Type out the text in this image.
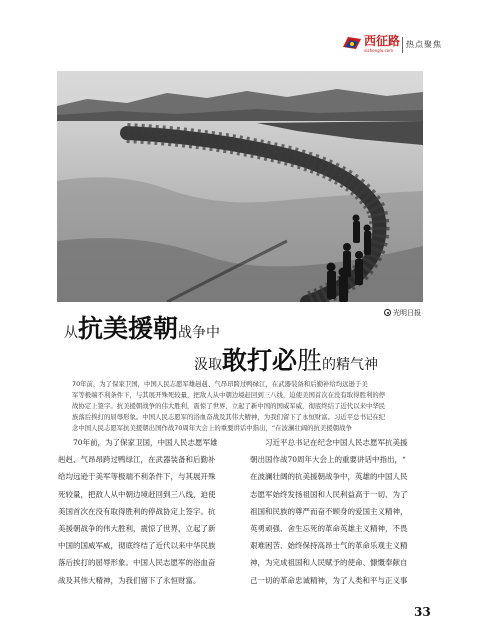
西征路
xizhenglu.com
热点聚焦
光明日报
从抗美援朝战争中
汲取敢打必胜的精气神
70年前，为了保家卫国，中国人民志愿军雄赳赳、气昂昂跨过鸭绿江，在武器装备和后勤补给均远逊于美
军等极端不利条件下，与其展开殊死较量，把敌人从中朝边境赶回到三八线，迫使美国首次在没有取得胜利的停
战协定上签字。抗美援朝战争的伟大胜利，震惊了世界，立起了新中国的国威军威，彻底终结了近代以来中华民
族落后挨打的屈辱形象。中国人民志愿军的浴血奋战及其伟大精神，为我们留下了永恒财富。习近平总书记在纪
念中国人民志愿军抗美援朝出国作战70周年大会上的重要讲话中指出，“在波澜壮阔的抗美援朝战争
　　70年前，为了保家卫国，中国人民志愿军雄
赳赳、气昂昂跨过鸭绿江，在武器装备和后勤补
给均远逊于美军等极端不利条件下，与其展开殊
死较量，把敌人从中朝边境赶回到三八线，迫使
美国首次在没有取得胜利的停战协定上签字。抗
美援朝战争的伟大胜利，震惊了世界，立起了新
中国的国威军威，彻底终结了近代以来中华民族
落后挨打的屈辱形象。中国人民志愿军的浴血奋
战及其伟大精神，为我们留下了永恒财富。
　　习近平总书记在纪念中国人民志愿军抗美援
朝出国作战70周年大会上的重要讲话中指出，“
在波澜壮阔的抗美援朝战争中，英雄的中国人民
志愿军始终发扬祖国和人民利益高于一切、为了
祖国和民族的尊严而奋不顾身的爱国主义精神，
英勇顽强、舍生忘死的革命英雄主义精神，不畏
艰难困苦、始终保持高昂士气的革命乐观主义精
神，为完成祖国和人民赋予的使命、慷慨奉献自
己一切的革命忠诚精神，为了人类和平与正义事
33
